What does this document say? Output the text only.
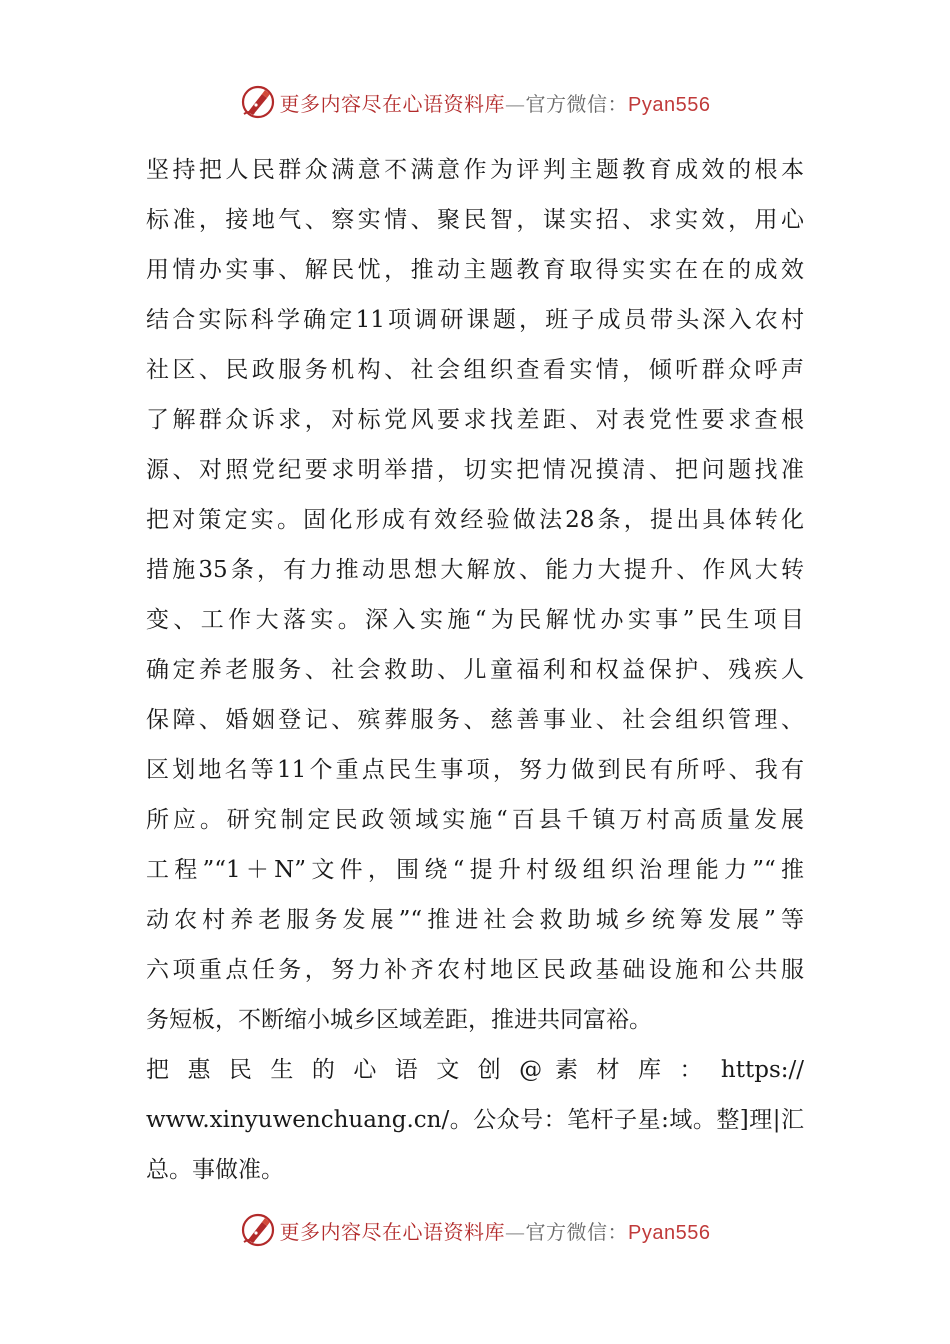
更多内容尽在心语资料库—官方微信：Pyan556
坚持把人民群众满意不满意作为评判主题教育成效的根本
标准，接地气、察实情、聚民智，谋实招、求实效，用心
用情办实事、解民忧，推动主题教育取得实实在在的成效
结合实际科学确定11项调研课题，班子成员带头深入农村
社区、民政服务机构、社会组织查看实情，倾听群众呼声
了解群众诉求，对标党风要求找差距、对表党性要求查根
源、对照党纪要求明举措，切实把情况摸清、把问题找准
把对策定实。固化形成有效经验做法28条，提出具体转化
措施35条，有力推动思想大解放、能力大提升、作风大转
变、工作大落实。深入实施“为民解忧办实事”民生项目
确定养老服务、社会救助、儿童福利和权益保护、残疾人
保障、婚姻登记、殡葬服务、慈善事业、社会组织管理、
区划地名等11个重点民生事项，努力做到民有所呼、我有
所应。研究制定民政领域实施“百县千镇万村高质量发展
工程”“1＋N”文件，围绕“提升村级组织治理能力”“推
动农村养老服务发展”“推进社会救助城乡统筹发展”等
六项重点任务，努力补齐农村地区民政基础设施和公共服
务短板，不断缩小城乡区域差距，推进共同富裕。
把 惠 民 生 的 心 语 文 创 @ 素 材 库 ： https://
www.xinyuwenchuang.cn/。公众号：笔杆子星:域。整]理|汇
总。事做准。
更多内容尽在心语资料库—官方微信：Pyan556
